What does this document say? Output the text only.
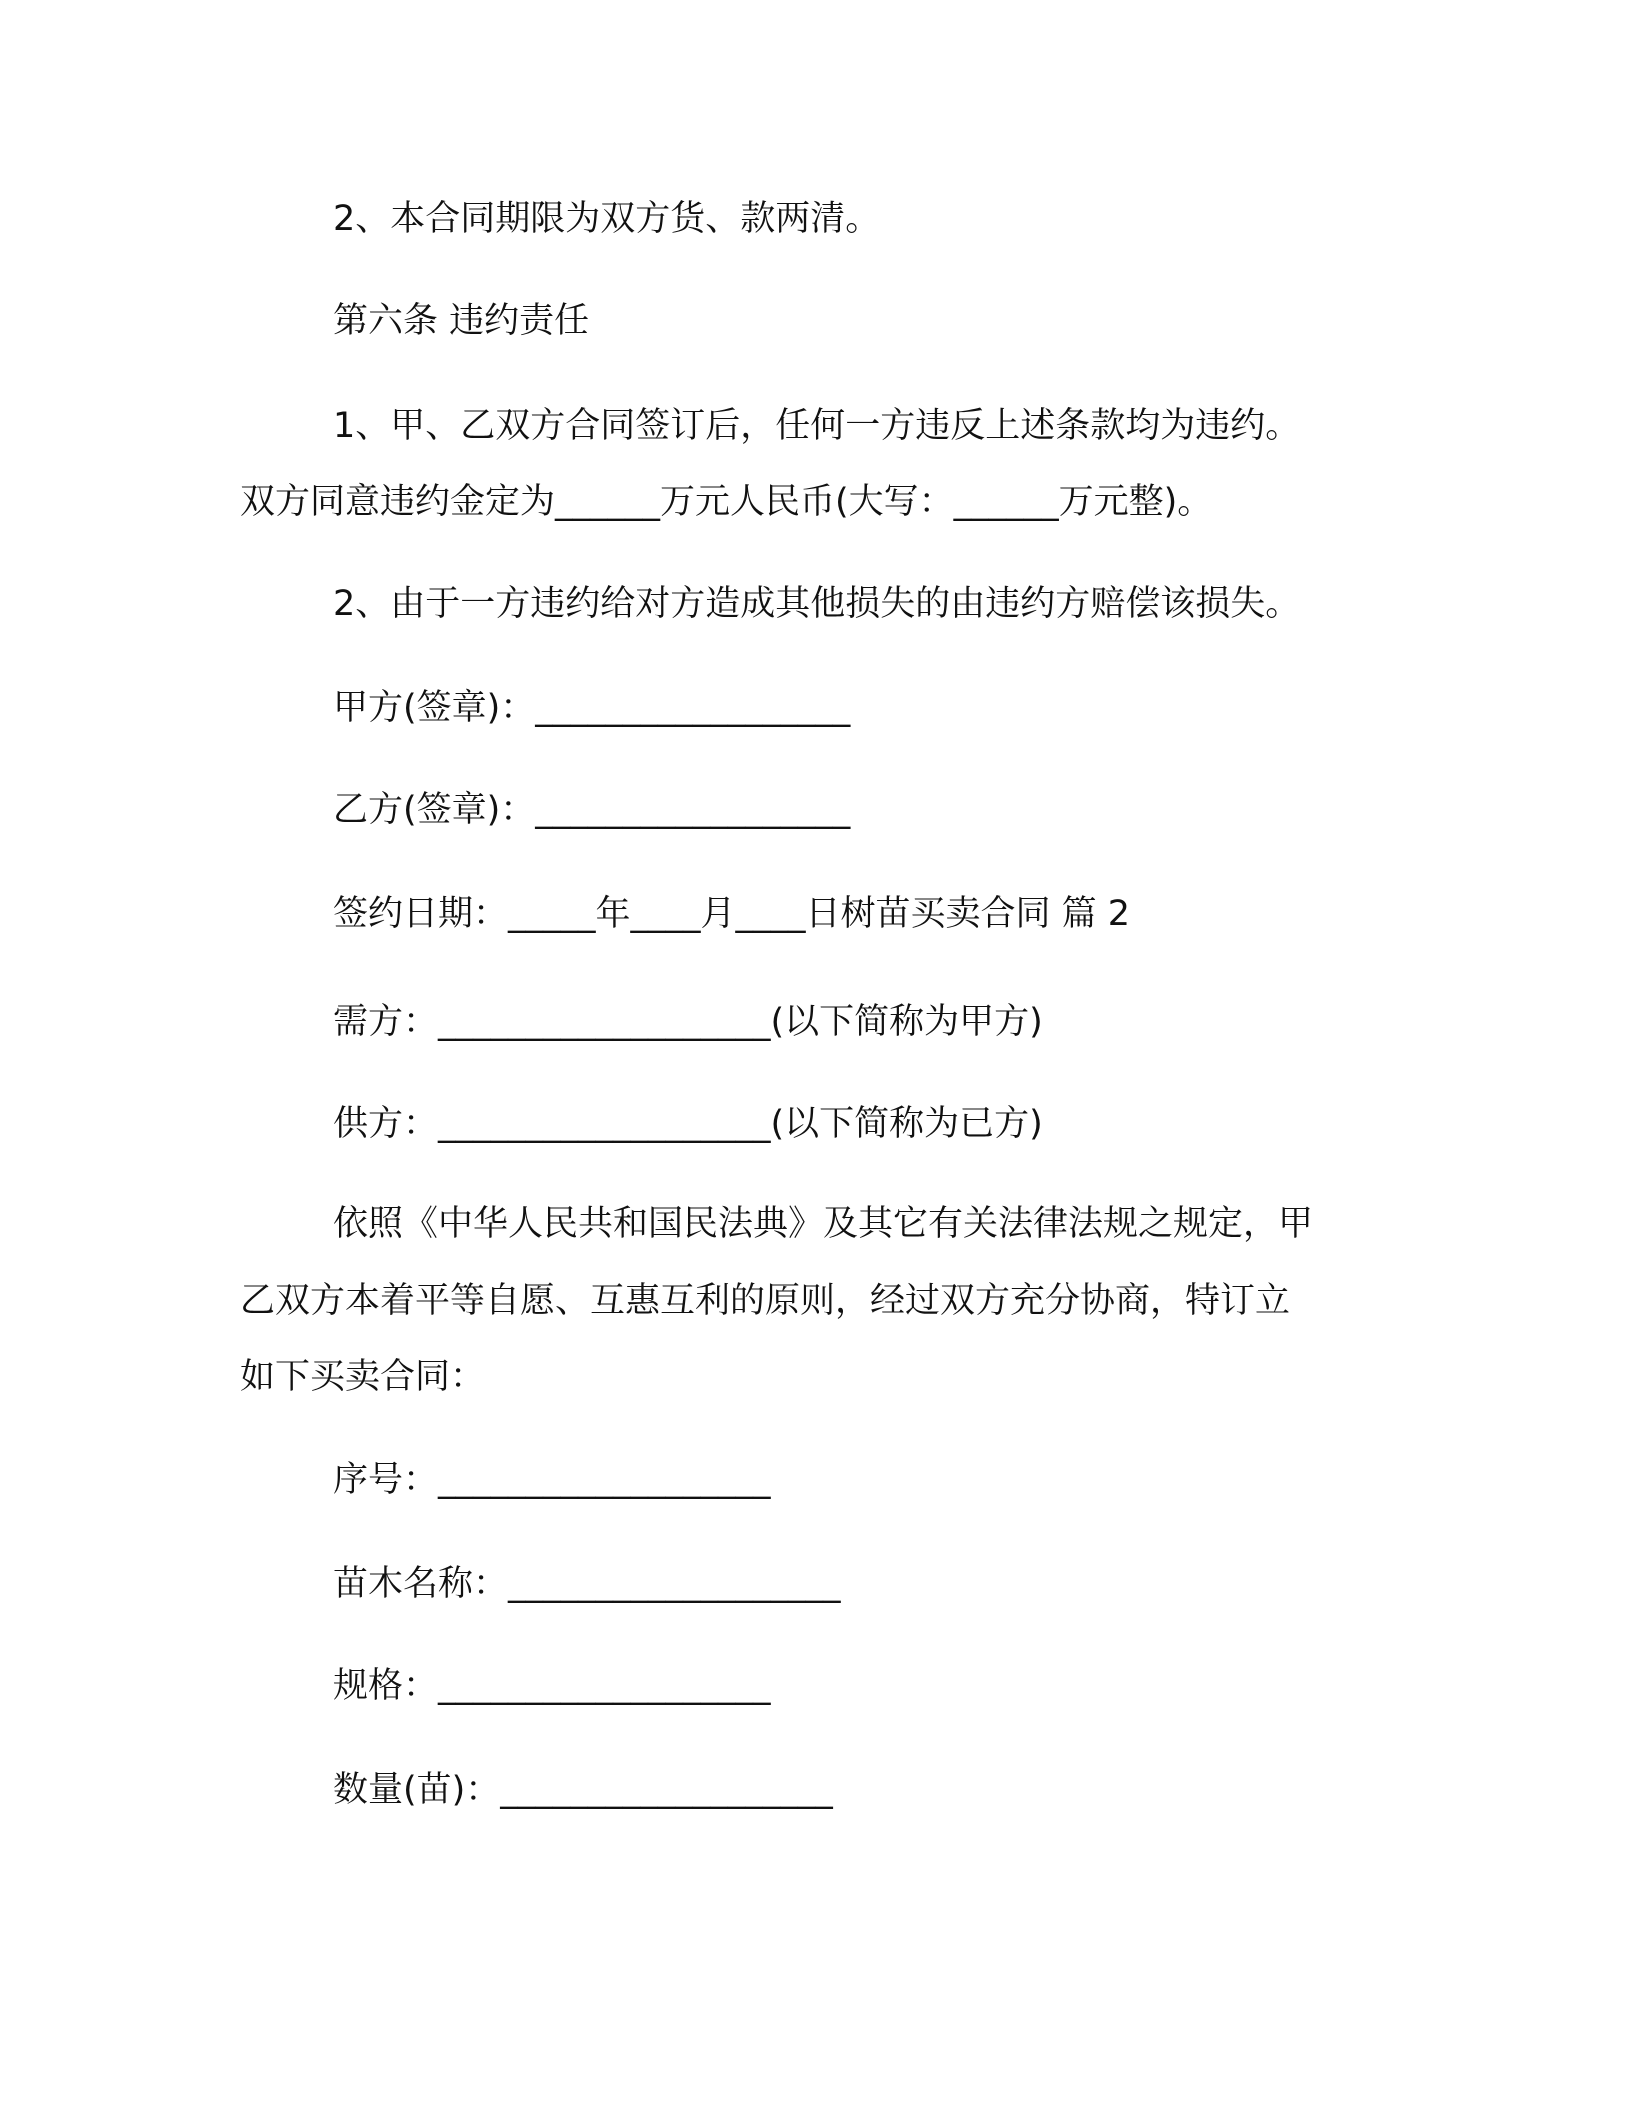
2、本合同期限为双方货、款两清。
第六条 违约责任
1、甲、乙双方合同签订后，任何一方违反上述条款均为违约。
双方同意违约金定为______万元人民币(大写：______万元整)。
2、由于一方违约给对方造成其他损失的由违约方赔偿该损失。
甲方(签章)：__________________
乙方(签章)：__________________
签约日期：_____年____月____日树苗买卖合同 篇 2
需方：___________________(以下简称为甲方)
供方：___________________(以下简称为已方)
依照《中华人民共和国民法典》及其它有关法律法规之规定，甲
乙双方本着平等自愿、互惠互利的原则，经过双方充分协商，特订立
如下买卖合同：
序号：___________________
苗木名称：___________________
规格：___________________
数量(苗)：___________________
